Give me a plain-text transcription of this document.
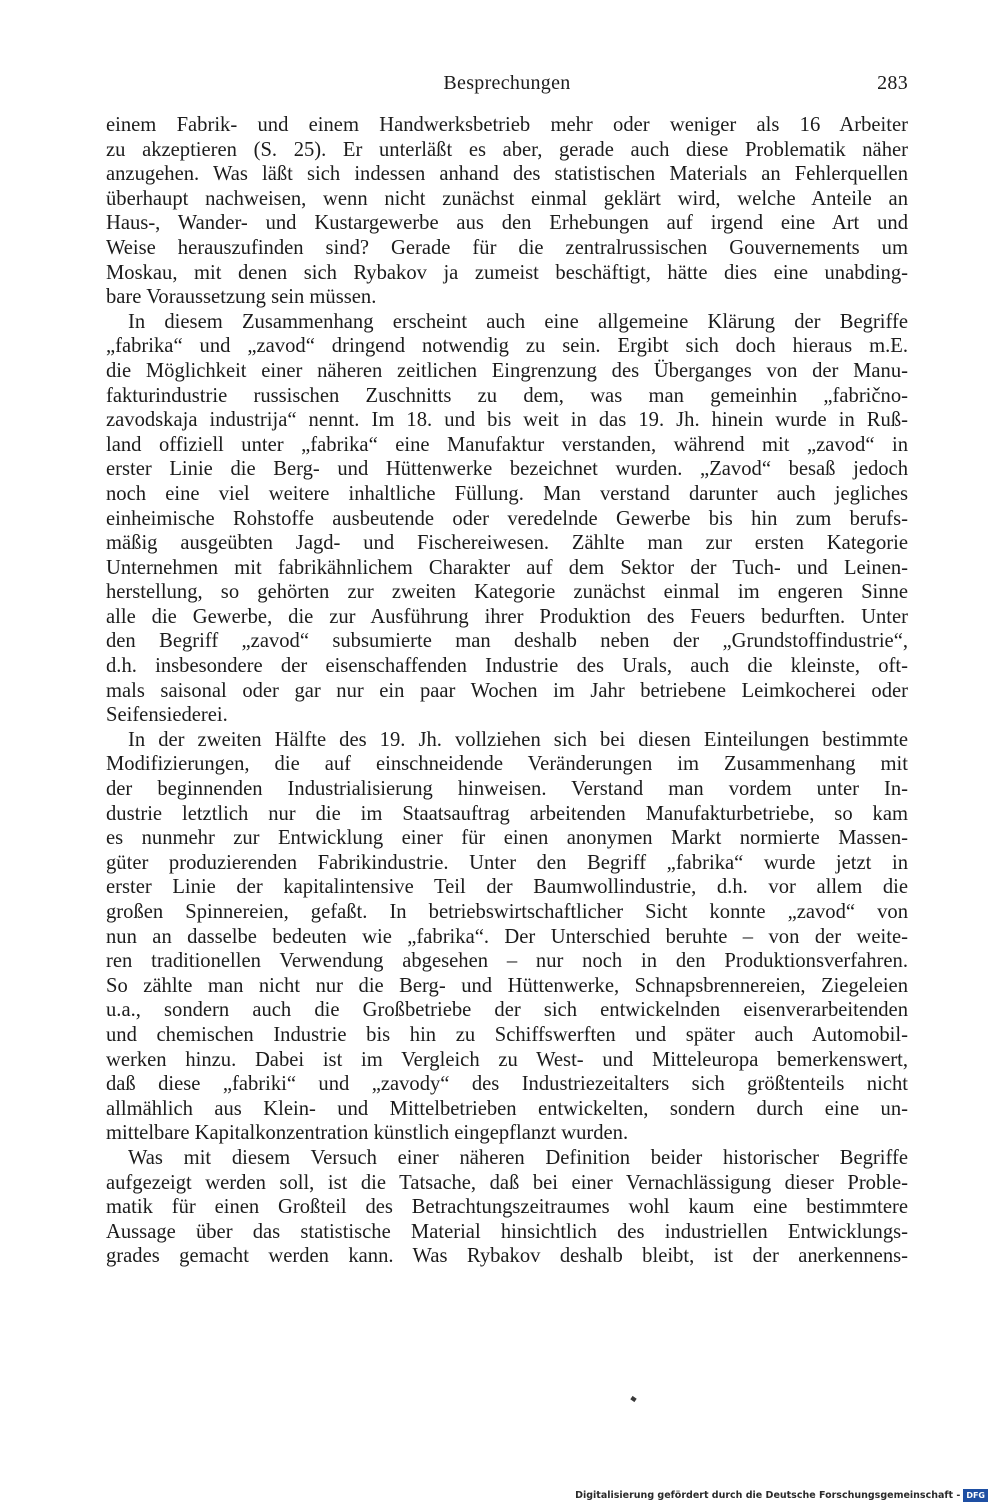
Besprechungen	283
einem Fabrik- und einem Handwerksbetrieb mehr oder weniger als 16 Arbeiter
zu akzeptieren (S. 25). Er unterläßt es aber, gerade auch diese Problematik näher
anzugehen. Was läßt sich indessen anhand des statistischen Materials an Fehlerquellen
überhaupt nachweisen, wenn nicht zunächst einmal geklärt wird, welche Anteile an
Haus-, Wander- und Kustargewerbe aus den Erhebungen auf irgend eine Art und
Weise herauszufinden sind? Gerade für die zentralrussischen Gouvernements um
Moskau, mit denen sich Rybakov ja zumeist beschäftigt, hätte dies eine unabding-
bare Voraussetzung sein müssen.
In diesem Zusammenhang erscheint auch eine allgemeine Klärung der Begriffe
„fabrika“ und „zavod“ dringend notwendig zu sein. Ergibt sich doch hieraus m.E.
die Möglichkeit einer näheren zeitlichen Eingrenzung des Überganges von der Manu-
fakturindustrie russischen Zuschnitts zu dem, was man gemeinhin „fabrično-
zavodskaja industrija“ nennt. Im 18. und bis weit in das 19. Jh. hinein wurde in Ruß-
land offiziell unter „fabrika“ eine Manufaktur verstanden, während mit „zavod“ in
erster Linie die Berg- und Hüttenwerke bezeichnet wurden. „Zavod“ besaß jedoch
noch eine viel weitere inhaltliche Füllung. Man verstand darunter auch jegliches
einheimische Rohstoffe ausbeutende oder veredelnde Gewerbe bis hin zum berufs-
mäßig ausgeübten Jagd- und Fischereiwesen. Zählte man zur ersten Kategorie
Unternehmen mit fabrikähnlichem Charakter auf dem Sektor der Tuch- und Leinen-
herstellung, so gehörten zur zweiten Kategorie zunächst einmal im engeren Sinne
alle die Gewerbe, die zur Ausführung ihrer Produktion des Feuers bedurften. Unter
den Begriff „zavod“ subsumierte man deshalb neben der „Grundstoffindustrie“,
d.h. insbesondere der eisenschaffenden Industrie des Urals, auch die kleinste, oft-
mals saisonal oder gar nur ein paar Wochen im Jahr betriebene Leimkocherei oder
Seifensiederei.
In der zweiten Hälfte des 19. Jh. vollziehen sich bei diesen Einteilungen bestimmte
Modifizierungen, die auf einschneidende Veränderungen im Zusammenhang mit
der beginnenden Industrialisierung hinweisen. Verstand man vordem unter In-
dustrie letztlich nur die im Staatsauftrag arbeitenden Manufakturbetriebe, so kam
es nunmehr zur Entwicklung einer für einen anonymen Markt normierte Massen-
güter produzierenden Fabrikindustrie. Unter den Begriff „fabrika“ wurde jetzt in
erster Linie der kapitalintensive Teil der Baumwollindustrie, d.h. vor allem die
großen Spinnereien, gefaßt. In betriebswirtschaftlicher Sicht konnte „zavod“ von
nun an dasselbe bedeuten wie „fabrika“. Der Unterschied beruhte – von der weite-
ren traditionellen Verwendung abgesehen – nur noch in den Produktionsverfahren.
So zählte man nicht nur die Berg- und Hüttenwerke, Schnapsbrennereien, Ziegeleien
u.a., sondern auch die Großbetriebe der sich entwickelnden eisenverarbeitenden
und chemischen Industrie bis hin zu Schiffswerften und später auch Automobil-
werken hinzu. Dabei ist im Vergleich zu West- und Mitteleuropa bemerkenswert,
daß diese „fabriki“ und „zavody“ des Industriezeitalters sich größtenteils nicht
allmählich aus Klein- und Mittelbetrieben entwickelten, sondern durch eine un-
mittelbare Kapitalkonzentration künstlich eingepflanzt wurden.
Was mit diesem Versuch einer näheren Definition beider historischer Begriffe
aufgezeigt werden soll, ist die Tatsache, daß bei einer Vernachlässigung dieser Proble-
matik für einen Großteil des Betrachtungszeitraumes wohl kaum eine bestimmtere
Aussage über das statistische Material hinsichtlich des industriellen Entwicklungs-
grades gemacht werden kann. Was Rybakov deshalb bleibt, ist der anerkennens-
Digitalisierung gefördert durch die Deutsche Forschungsgemeinschaft - DFG
